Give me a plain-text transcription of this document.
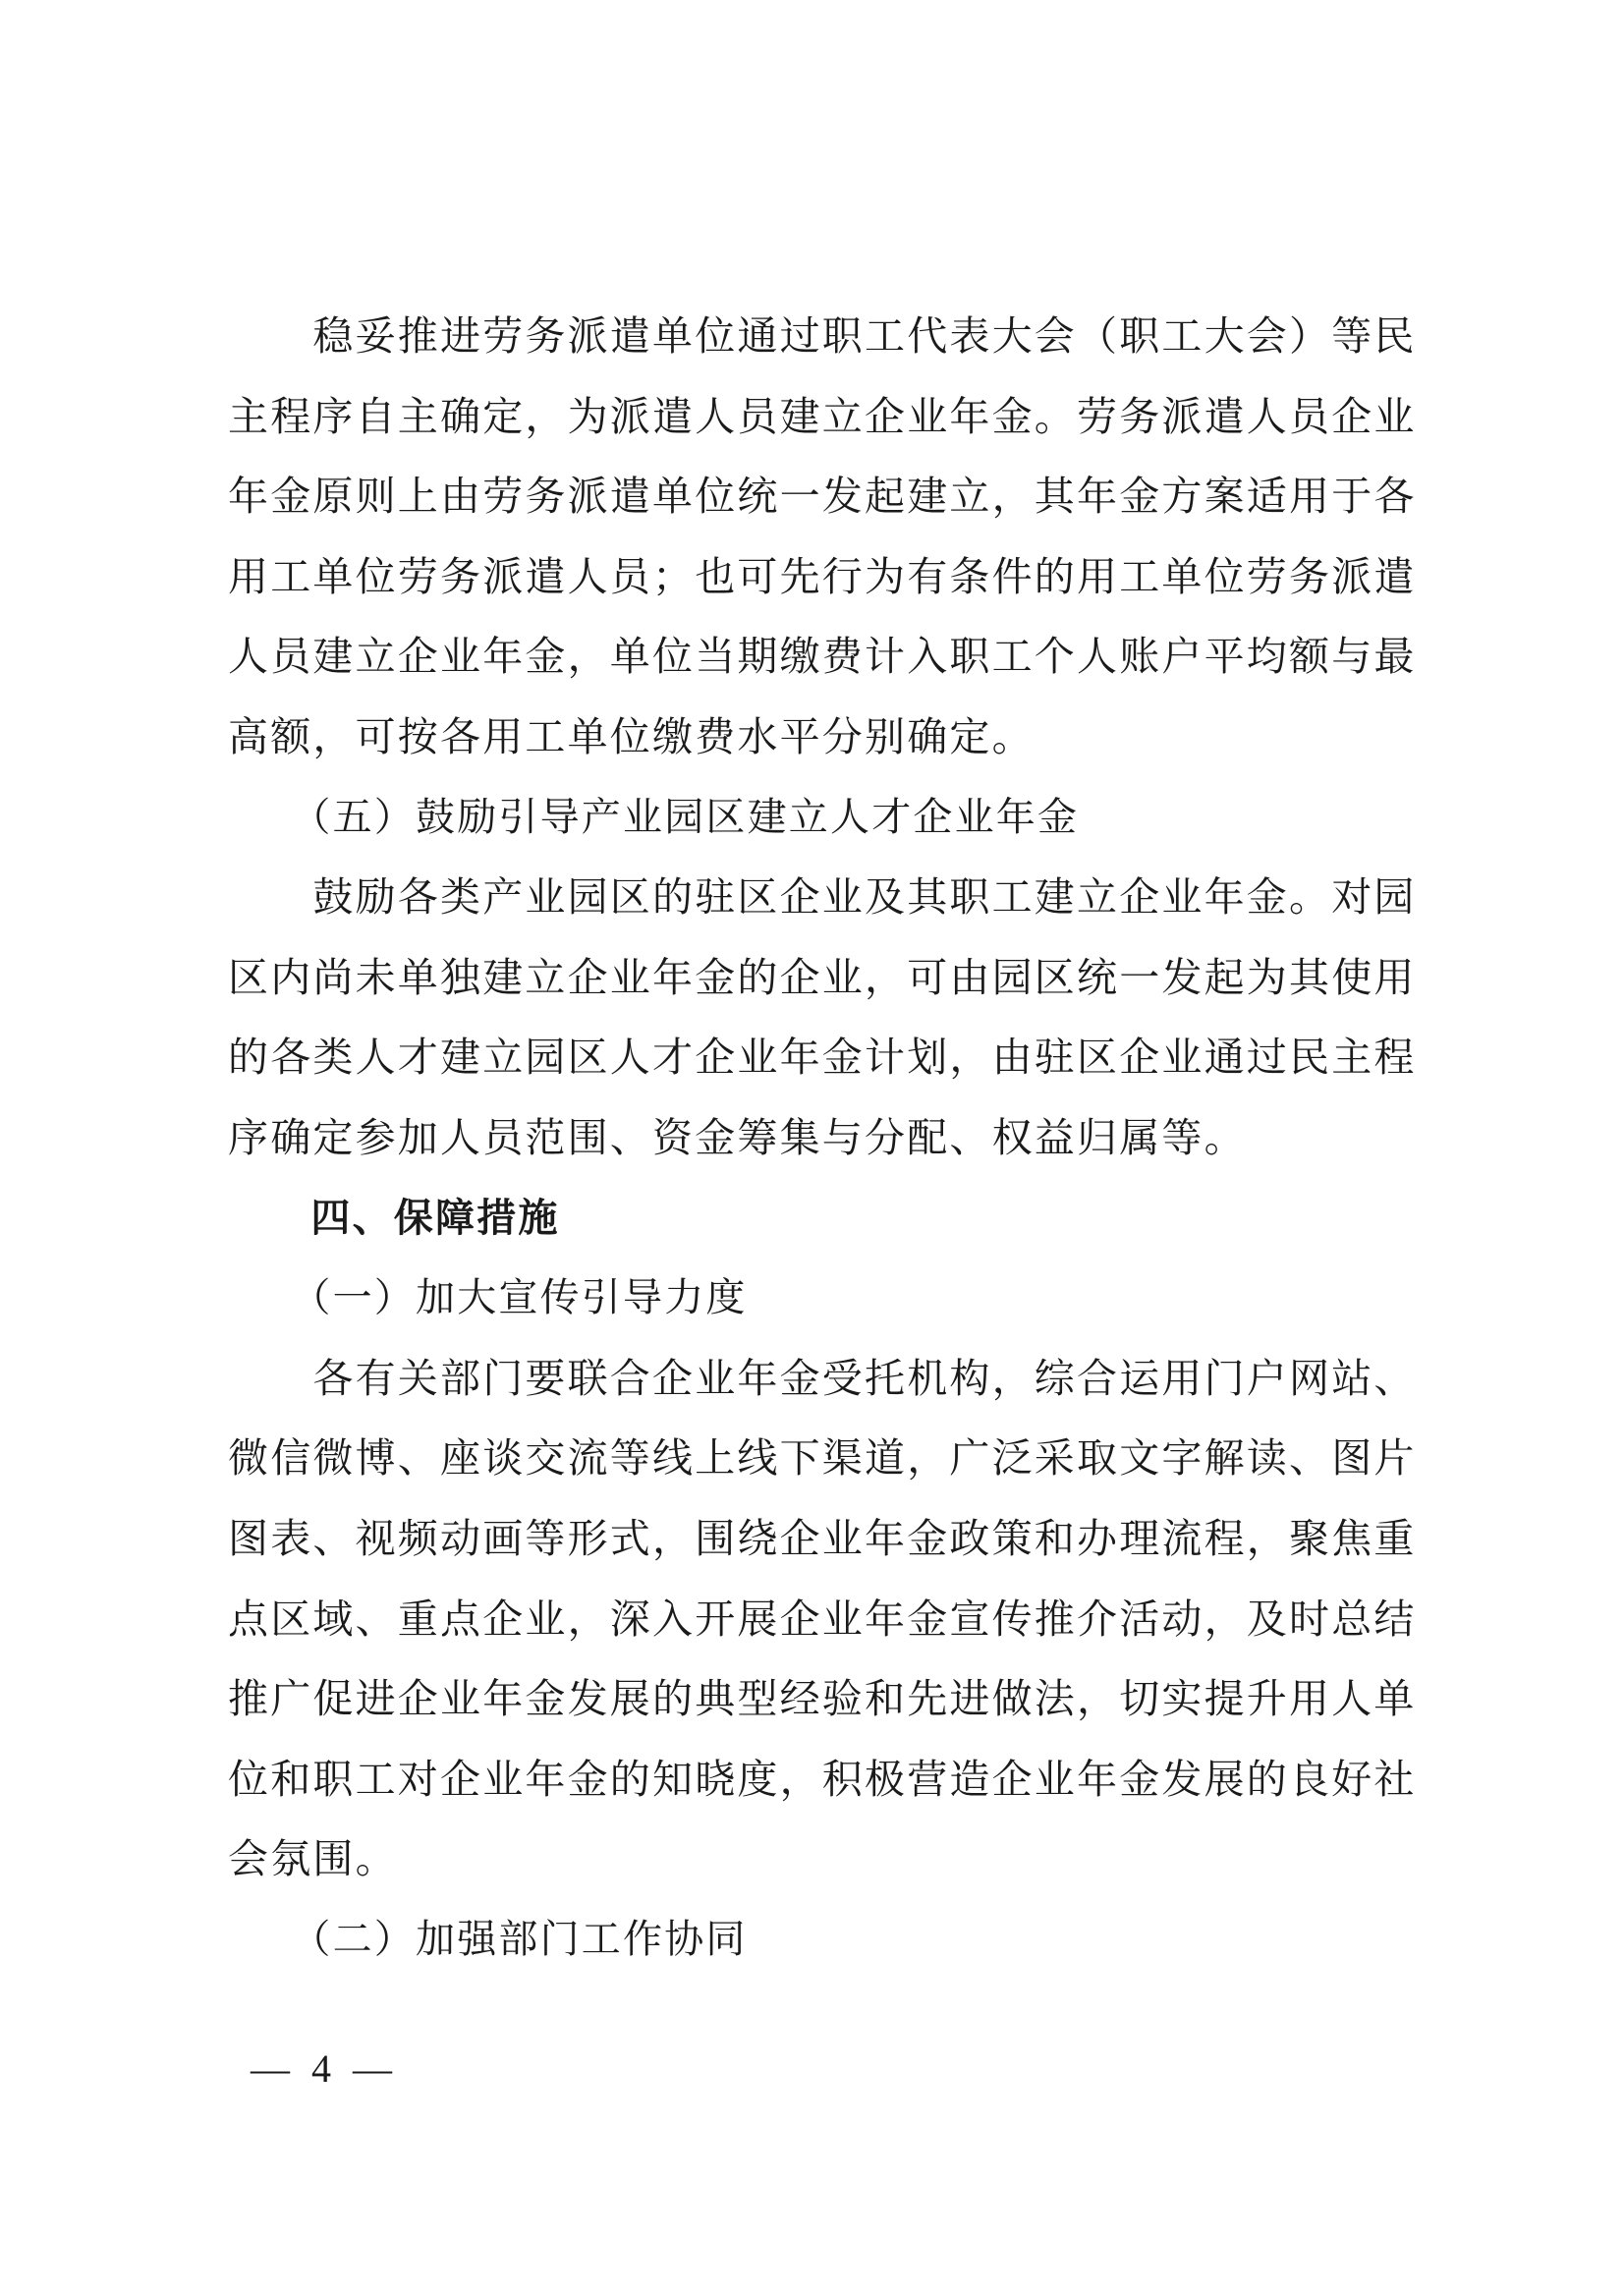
　　稳妥推进劳务派遣单位通过职工代表大会（职工大会）等民
主程序自主确定，为派遣人员建立企业年金。劳务派遣人员企业
年金原则上由劳务派遣单位统一发起建立，其年金方案适用于各
用工单位劳务派遣人员；也可先行为有条件的用工单位劳务派遣
人员建立企业年金，单位当期缴费计入职工个人账户平均额与最
高额，可按各用工单位缴费水平分别确定。
　　（五）鼓励引导产业园区建立人才企业年金
　　鼓励各类产业园区的驻区企业及其职工建立企业年金。对园
区内尚未单独建立企业年金的企业，可由园区统一发起为其使用
的各类人才建立园区人才企业年金计划，由驻区企业通过民主程
序确定参加人员范围、资金筹集与分配、权益归属等。
　　四、保障措施
　　（一）加大宣传引导力度
　　各有关部门要联合企业年金受托机构，综合运用门户网站、
微信微博、座谈交流等线上线下渠道，广泛采取文字解读、图片
图表、视频动画等形式，围绕企业年金政策和办理流程，聚焦重
点区域、重点企业，深入开展企业年金宣传推介活动，及时总结
推广促进企业年金发展的典型经验和先进做法，切实提升用人单
位和职工对企业年金的知晓度，积极营造企业年金发展的良好社
会氛围。
　　（二）加强部门工作协同
— 4 —
